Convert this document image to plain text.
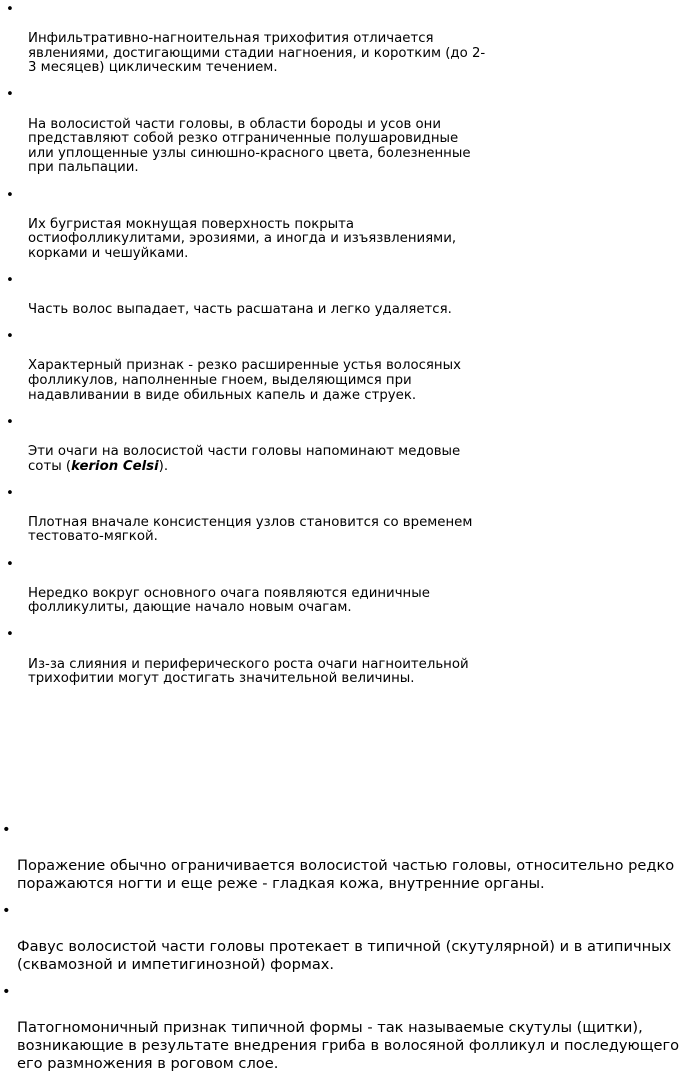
•

Инфильтративно-нагноительная трихофития отличается
явлениями, достигающими стадии нагноения, и коротким (до 2-
3 месяцев) циклическим течением.

•

На волосистой части головы, в области бороды и усов они
представляют собой резко отграниченные полушаровидные
или уплощенные узлы синюшно-красного цвета, болезненные
при пальпации.

•

Их бугристая мокнущая поверхность покрыта
остиофолликулитами, эрозиями, а иногда и изъязвлениями,
корками и чешуйками.

•

Часть волос выпадает, часть расшатана и легко удаляется.

•

Характерный признак - резко расширенные устья волосяных
фолликулов, наполненные гноем, выделяющимся при
надавливании в виде обильных капель и даже струек.

•

Эти очаги на волосистой части головы напоминают медовые
соты (kerion Celsi).

•

Плотная вначале консистенция узлов становится со временем
тестовато-мягкой.

•

Нередко вокруг основного очага появляются единичные
фолликулиты, дающие начало новым очагам.

•

Из-за слияния и периферического роста очаги нагноительной
трихофитии могут достигать значительной величины.

•

Поражение обычно ограничивается волосистой частью головы, относительно редко
поражаются ногти и еще реже - гладкая кожа, внутренние органы.

•

Фавус волосистой части головы протекает в типичной (скутулярной) и в атипичных
(сквамозной и импетигинозной) формах.

•

Патогномоничный признак типичной формы - так называемые скутулы (щитки),
возникающие в результате внедрения гриба в волосяной фолликул и последующего
его размножения в роговом слое.
